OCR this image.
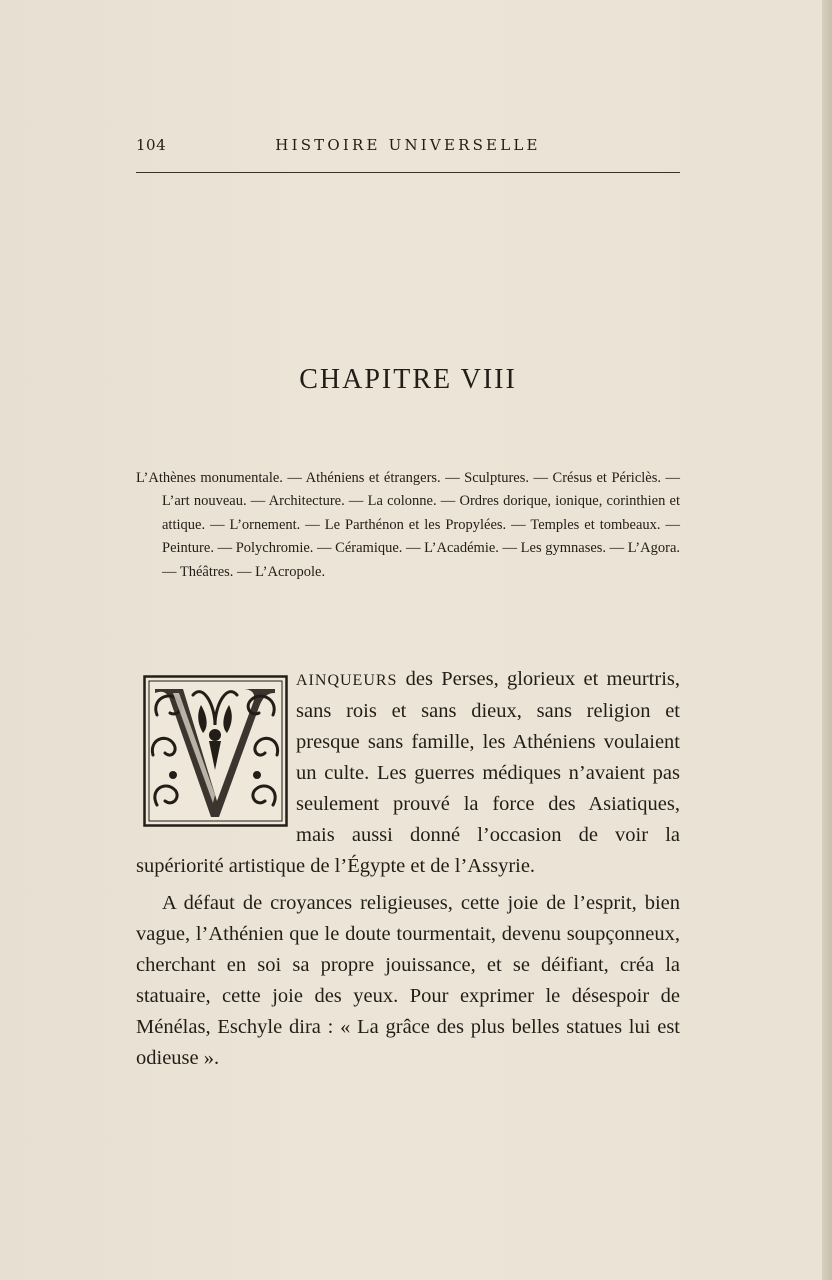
104	HISTOIRE UNIVERSELLE
CHAPITRE VIII
L’Athènes monumentale. — Athéniens et étrangers. — Sculptures. — Crésus et Périclès. — L’art nouveau. — Architecture. — La colonne. — Ordres dorique, ionique, corinthien et attique. — L’ornement. — Le Parthénon et les Propylées. — Temples et tombeaux. — Peinture. — Polychromie. — Céramique. — L’Académie. — Les gymnases. — L’Agora. — Théâtres. — L’Acropole.

AINQUEURS des Perses, glorieux et meurtris, sans rois et sans dieux, sans religion et presque sans famille, les Athéniens voulaient un culte. Les guerres médiques n’avaient pas seulement prouvé la force des Asiatiques, mais aussi donné l’occasion de voir la supériorité artistique de l’Égypte et de l’Assyrie.

A défaut de croyances religieuses, cette joie de l’esprit, bien vague, l’Athénien que le doute tourmentait, devenu soupçonneux, cherchant en soi sa propre jouissance, et se déifiant, créa la statuaire, cette joie des yeux. Pour exprimer le désespoir de Ménélas, Eschyle dira : « La grâce des plus belles statues lui est odieuse ».
